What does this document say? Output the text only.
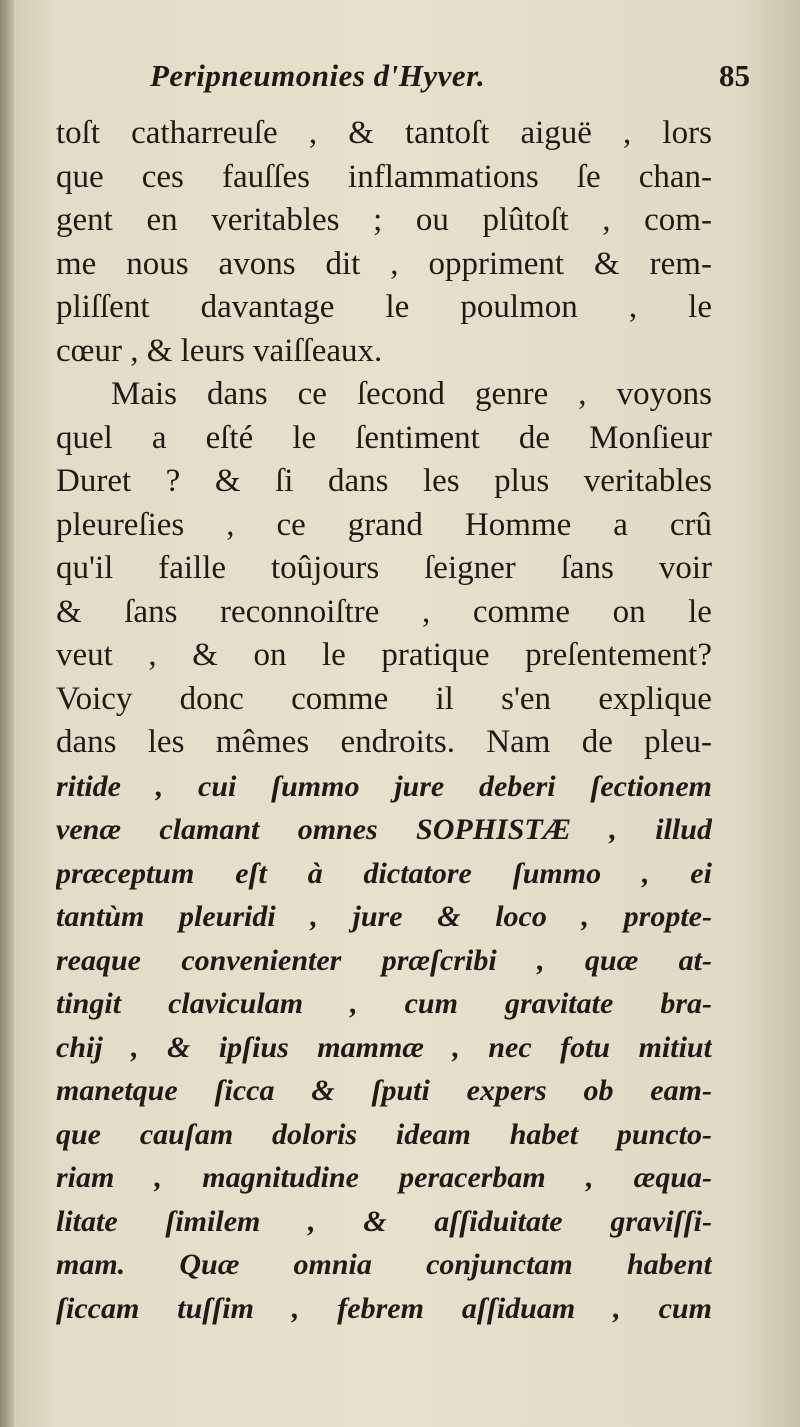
Peripneumonies d'Hyver.	85
toſt catharreuſe , & tantoſt aiguë , lors
que ces fauſſes inflammations ſe chan-
gent en veritables ; ou plûtoſt , com-
me nous avons dit , oppriment & rem-
pliſſent davantage le poulmon , le
cœur , & leurs vaiſſeaux.
Mais dans ce ſecond genre , voyons
quel a eſté le ſentiment de Monſieur
Duret ? & ſi dans les plus veritables
pleureſies , ce grand Homme a crû
qu'il faille toûjours ſeigner ſans voir
& ſans reconnoiſtre , comme on le
veut , & on le pratique preſentement?
Voicy donc comme il s'en explique
dans les mêmes endroits. Nam de pleu-
ritide , cui ſummo jure deberi ſectionem
venæ clamant omnes SOPHISTÆ , illud
præceptum eſt à dictatore ſummo , ei
tantùm pleuridi , jure & loco , propte-
reaque convenienter præſcribi , quæ at-
tingit claviculam , cum gravitate bra-
chij , & ipſius mammæ , nec fotu mitiut
manetque ſicca & ſputi expers ob eam-
que cauſam doloris ideam habet puncto-
riam , magnitudine peracerbam , æqua-
litate ſimilem , & aſſiduitate graviſſi-
mam. Quæ omnia conjunctam habent
ſiccam tuſſim , febrem aſſiduam , cum
